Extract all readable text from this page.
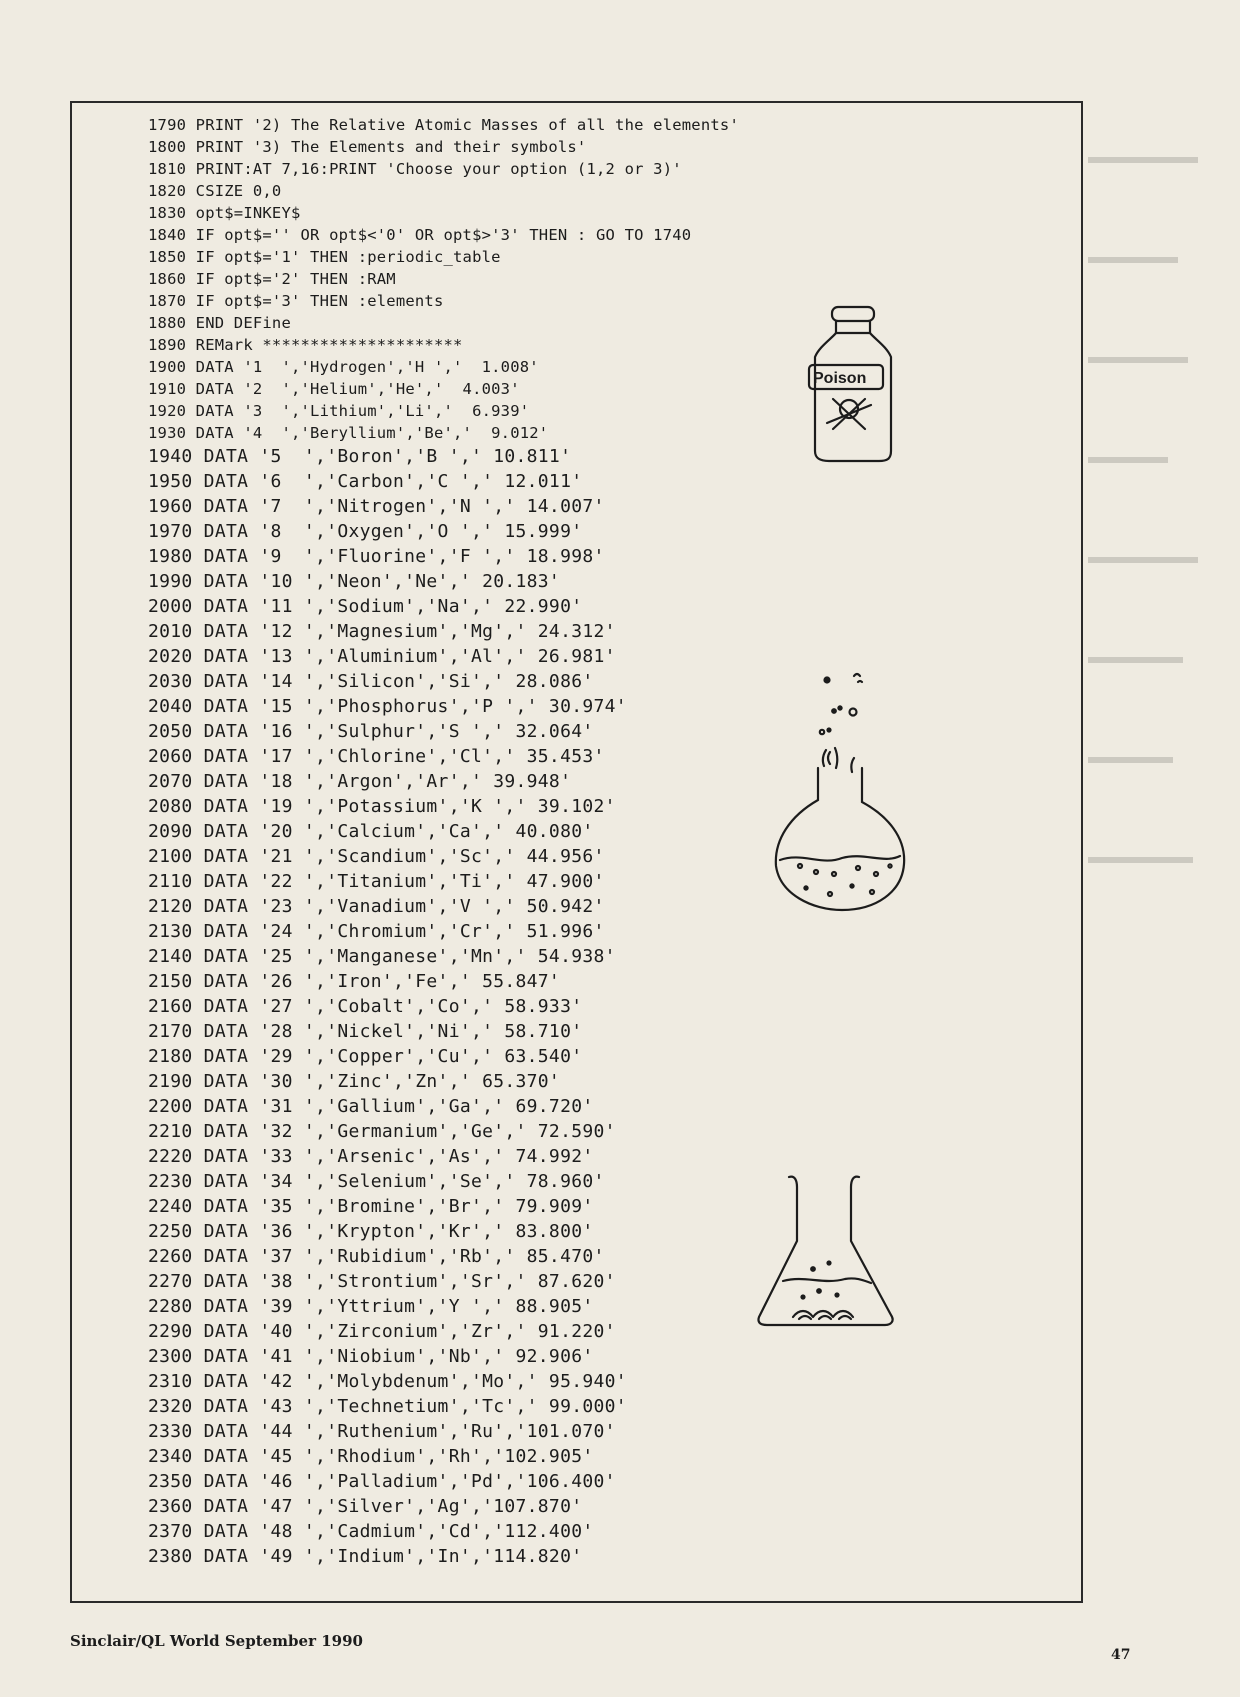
1790 PRINT '2) The Relative Atomic Masses of all the elements'
1800 PRINT '3) The Elements and their symbols'
1810 PRINT:AT 7,16:PRINT 'Choose your option (1,2 or 3)'
1820 CSIZE 0,0
1830 opt$=INKEY$
1840 IF opt$='' OR opt$<'0' OR opt$>'3' THEN : GO TO 1740
1850 IF opt$='1' THEN :periodic_table
1860 IF opt$='2' THEN :RAM
1870 IF opt$='3' THEN :elements
1880 END DEFine
1890 REMark *********************
1900 DATA '1  ','Hydrogen','H ','  1.008'
1910 DATA '2  ','Helium','He','  4.003'
1920 DATA '3  ','Lithium','Li','  6.939'
1930 DATA '4  ','Beryllium','Be','  9.012'
1940 DATA '5  ','Boron','B ',' 10.811'
1950 DATA '6  ','Carbon','C ',' 12.011'
1960 DATA '7  ','Nitrogen','N ',' 14.007'
1970 DATA '8  ','Oxygen','O ',' 15.999'
1980 DATA '9  ','Fluorine','F ',' 18.998'
1990 DATA '10 ','Neon','Ne',' 20.183'
2000 DATA '11 ','Sodium','Na',' 22.990'
2010 DATA '12 ','Magnesium','Mg',' 24.312'
2020 DATA '13 ','Aluminium','Al',' 26.981'
2030 DATA '14 ','Silicon','Si',' 28.086'
2040 DATA '15 ','Phosphorus','P ',' 30.974'
2050 DATA '16 ','Sulphur','S ',' 32.064'
2060 DATA '17 ','Chlorine','Cl',' 35.453'
2070 DATA '18 ','Argon','Ar',' 39.948'
2080 DATA '19 ','Potassium','K ',' 39.102'
2090 DATA '20 ','Calcium','Ca',' 40.080'
2100 DATA '21 ','Scandium','Sc',' 44.956'
2110 DATA '22 ','Titanium','Ti',' 47.900'
2120 DATA '23 ','Vanadium','V ',' 50.942'
2130 DATA '24 ','Chromium','Cr',' 51.996'
2140 DATA '25 ','Manganese','Mn',' 54.938'
2150 DATA '26 ','Iron','Fe',' 55.847'
2160 DATA '27 ','Cobalt','Co',' 58.933'
2170 DATA '28 ','Nickel','Ni',' 58.710'
2180 DATA '29 ','Copper','Cu',' 63.540'
2190 DATA '30 ','Zinc','Zn',' 65.370'
2200 DATA '31 ','Gallium','Ga',' 69.720'
2210 DATA '32 ','Germanium','Ge',' 72.590'
2220 DATA '33 ','Arsenic','As',' 74.992'
2230 DATA '34 ','Selenium','Se',' 78.960'
2240 DATA '35 ','Bromine','Br',' 79.909'
2250 DATA '36 ','Krypton','Kr',' 83.800'
2260 DATA '37 ','Rubidium','Rb',' 85.470'
2270 DATA '38 ','Strontium','Sr',' 87.620'
2280 DATA '39 ','Yttrium','Y ',' 88.905'
2290 DATA '40 ','Zirconium','Zr',' 91.220'
2300 DATA '41 ','Niobium','Nb',' 92.906'
2310 DATA '42 ','Molybdenum','Mo',' 95.940'
2320 DATA '43 ','Technetium','Tc',' 99.000'
2330 DATA '44 ','Ruthenium','Ru','101.070'
2340 DATA '45 ','Rhodium','Rh','102.905'
2350 DATA '46 ','Palladium','Pd','106.400'
2360 DATA '47 ','Silver','Ag','107.870'
2370 DATA '48 ','Cadmium','Cd','112.400'
2380 DATA '49 ','Indium','In','114.820'
Poison
Sinclair/QL World September 1990
47
